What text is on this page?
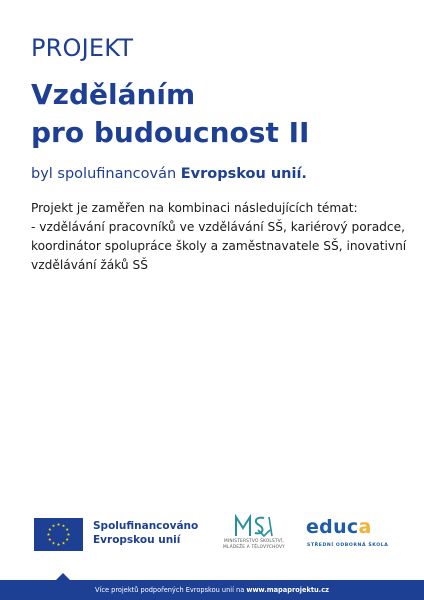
PROJEKT
Vzděláním
pro budoucnost II
byl spolufinancován Evropskou unií.
Projekt je zaměřen na kombinaci následujících témat:
- vzdělávání pracovníků ve vzdělávání SŠ, kariérový poradce,
koordinátor spolupráce školy a zaměstnavatele SŠ, inovativní
vzdělávání žáků SŠ
Spolufinancováno
Evropskou unií	MINISTERSTVO ŠKOLSTVÍ,
MLÁDEŽE A TĚLOVÝCHOVY
educa
STŘEDNÍ ODBORNÁ ŠKOLA
Více projektů podpořených Evropskou unií na www.mapaprojektu.cz
